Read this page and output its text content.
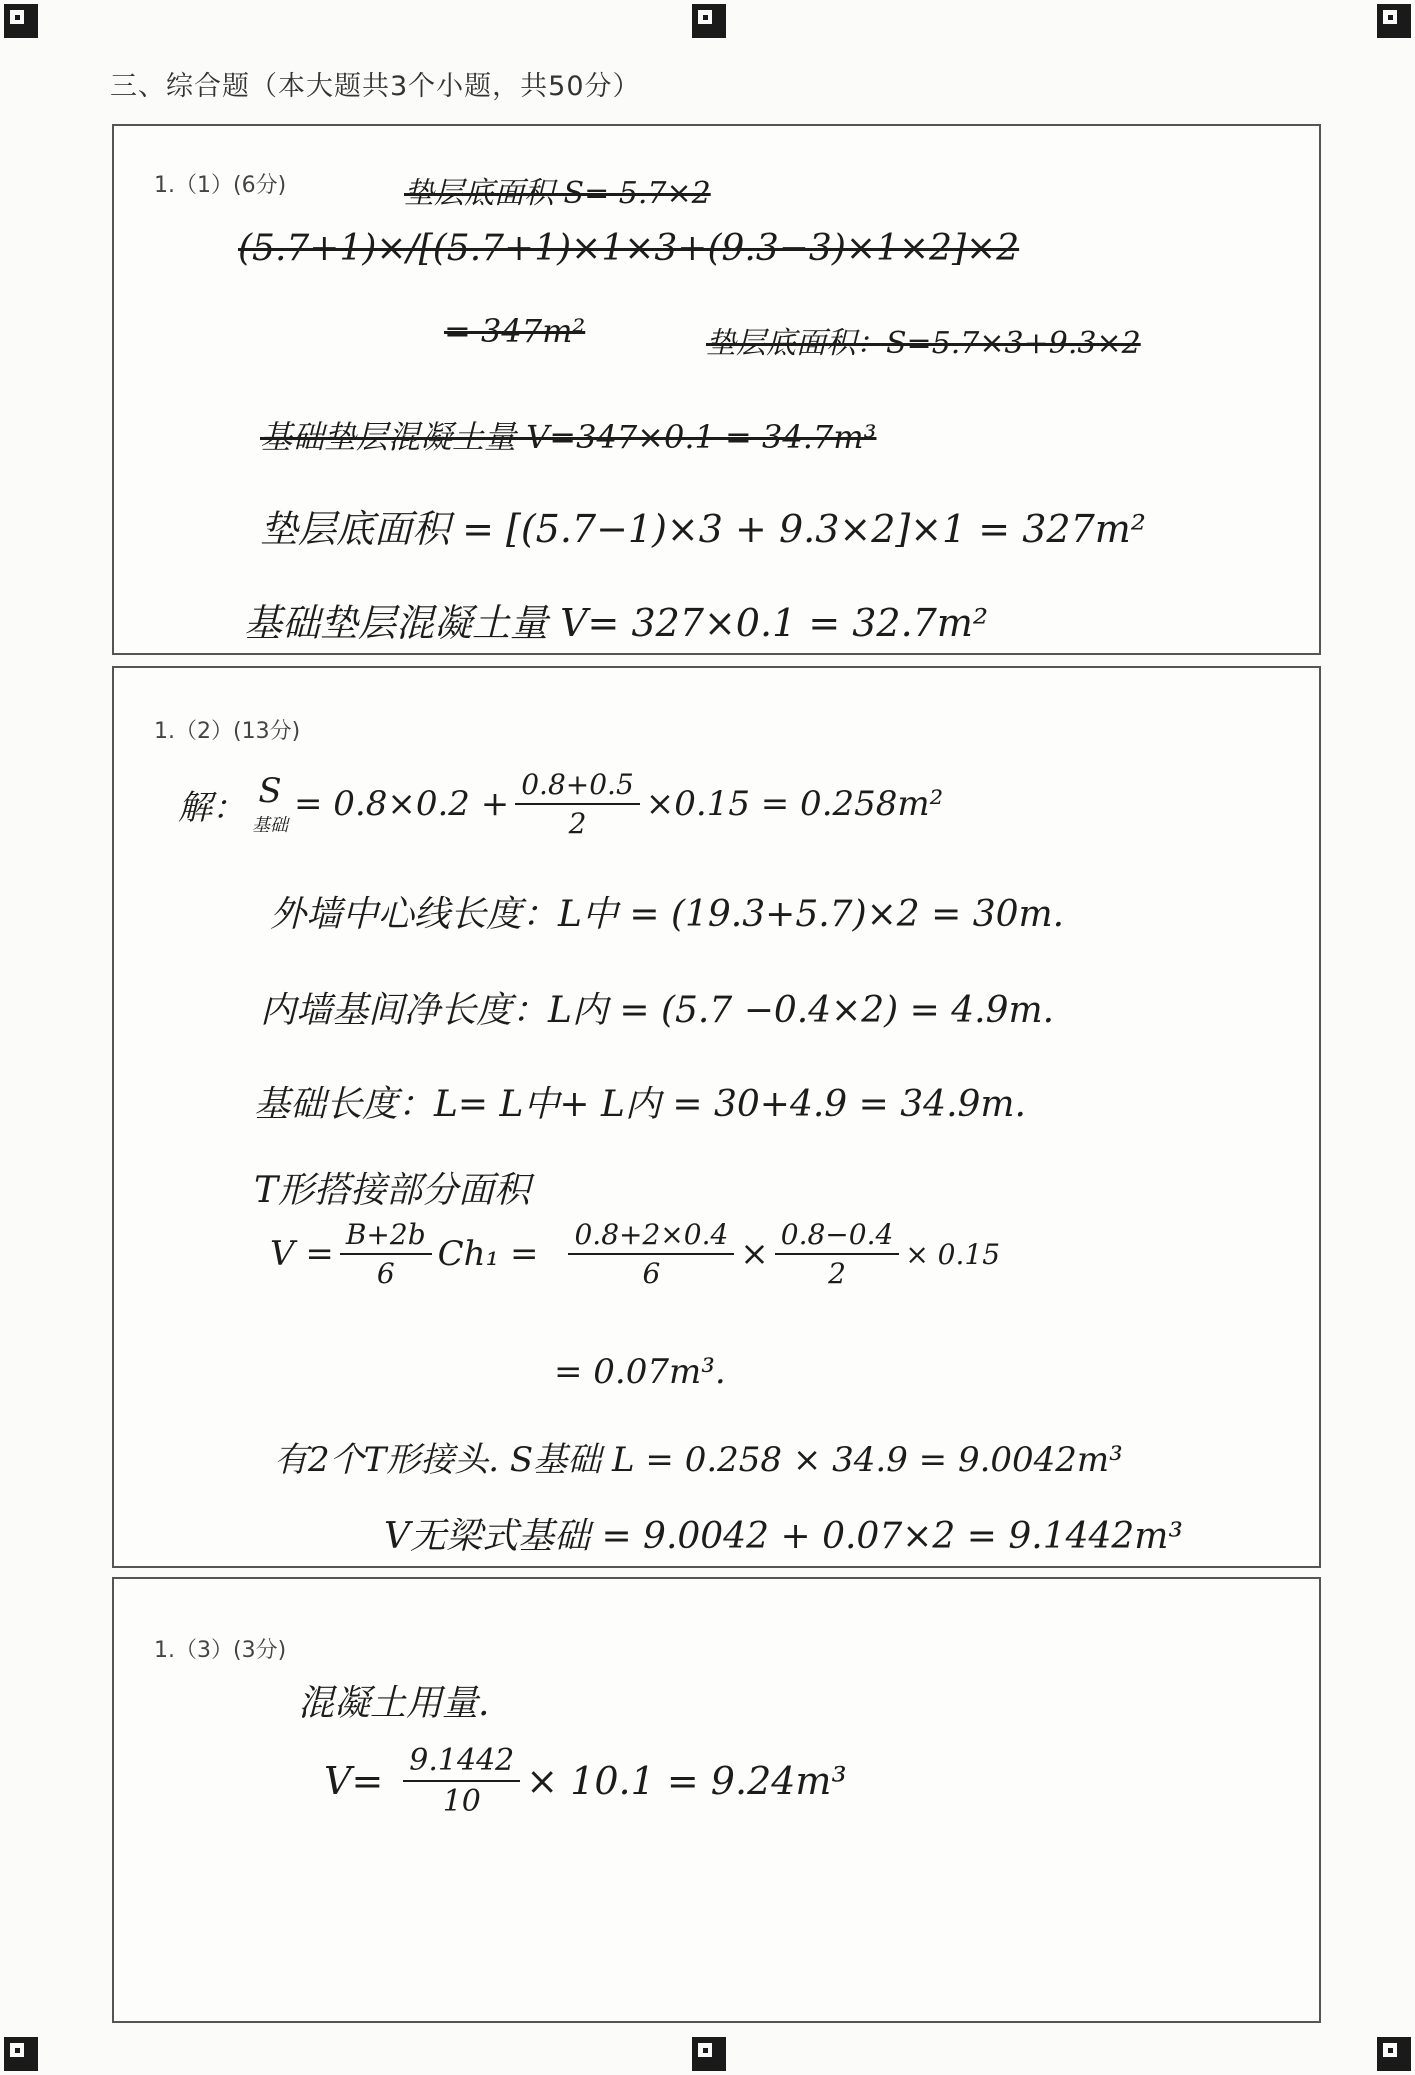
三、综合题（本大题共3个小题，共50分）
1.（1）(6分)	垫层底面积 S= 5.7×2
(5.7+1)×/[(5.7+1)×1×3+(9.3−3)×1×2]×2
= 347m²	垫层底面积：S=5.7×3+9.3×2
基础垫层混凝土量 V=347×0.1 = 34.7m³
垫层底面积 = [(5.7−1)×3 + 9.3×2]×1 = 327m²
基础垫层混凝土量 V= 327×0.1 = 32.7m²
1.（2）(13分)
解： S
基础
= $0.8\times 0.2 + \frac{0.8+0.5}{2} \times 0.15 = 0.258m^2$
外墙中心线长度：L中 = (19.3+5.7)×2 = 30m.
内墙基间净长度：L内 = (5.7 −0.4×2) = 4.9m.
基础长度：L= L中+ L内 = 30+4.9 = 34.9m.
T形搭接部分面积
$V = \frac{B+2b}{6} Ch_1 = \frac{0.8+2\times 0.4}{6} \times \frac{0.8-0.4}{2} \times 0.15$
= 0.07m³.
有2个T形接头. S基础 L = 0.258 × 34.9 = 9.0042m³
V无梁式基础 = 9.0042 + 0.07×2 = 9.1442m³
1.（3）(3分)
混凝土用量.
$V= \frac{9.1442}{10} \times 10.1 = 9.24m^3$
